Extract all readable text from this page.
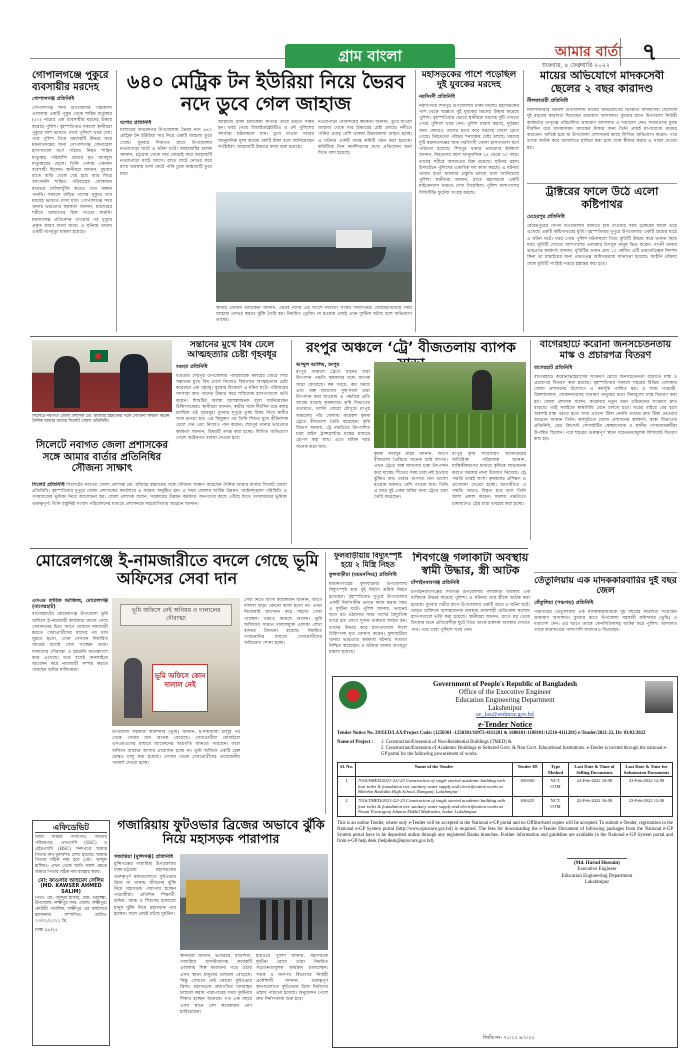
গ্রাম বাংলা	আমার বার্তা
শুক্রবার, ৪ ফেব্রুয়ারি ২০২২	৭
গোপালগঞ্জে পুকুরে ব্যবসায়ীর মরদেহ
গোপালগঞ্জ প্রতিনিধি
গোপালগঞ্জ সদর উপজেলার পাইকান্দি এলাকায় একটি পুকুর থেকে শাহিন মাতুব্বর (৫০) নামের এক ব্যবসায়ীর মরদেহ উদ্ধার করেছে পুলিশ। বৃহস্পতিবার সকালে স্থানীয়রা পুকুরে লাশ ভাসতে দেখে পুলিশে খবর দেয়। পরে পুলিশ গিয়ে মরদেহটি উদ্ধার করে ময়নাতদন্তের জন্য গোপালগঞ্জ জেনারেল হাসপাতাল মর্গে পাঠায়। নিহত শাহিন মাতুব্বর পাইকান্দি গ্রামের মৃত আবদুল মাতুব্বরের ছেলে। তিনি পেশায় একজন ব্যবসায়ী ছিলেন। স্থানীয়রা জানান, বুধবার রাতে বাড়ি থেকে বের হয়ে আর ফিরে আসেননি শাহিন। পরিবারের লোকজন রাতভর খোঁজাখুঁজি করেও তার সন্ধান পাননি। সকালে বাড়ির পাশের পুকুরে তার মরদেহ ভাসতে দেখা যায়। গোপালগঞ্জ সদর থানার ভারপ্রাপ্ত কর্মকর্তা জানান, মরদেহের শরীরে আঘাতের চিহ্ন পাওয়া যায়নি। ময়নাতদন্ত প্রতিবেদন পাওয়ার পর মৃত্যুর প্রকৃত কারণ জানা যাবে। এ ঘটনায় থানায় একটি অপমৃত্যু মামলা হয়েছে।
৬৪০ মেট্রিক টন ইউরিয়া নিয়ে ভৈরব নদে ডুবে গেল জাহাজ
যশোর প্রতিনিধি
যশোরের অভয়নগর উপজেলায় ভৈরব নদে ৬৪০ মেট্রিক টন ইউরিয়া সার নিয়ে একটি জাহাজ ডুবে গেছে। বুধবার দিবাগত রাতে উপজেলার নওয়াপাড়া ঘাটে এ ঘটনা ঘটে। জাহাজটির চালক জানান, চট্টগ্রাম থেকে সার বোঝাই করে জাহাজটি নওয়াপাড়া ঘাটে আসে। রাতে ঘাটে নোঙর করে রাখা অবস্থায় তলা ফেটে পানি ঢুকে জাহাজটি ডুবে যায়।
জাহাজে থাকা শ্রমিকেরা সাঁতরে তীরে উঠতে সক্ষম হন। খবর পেয়ে বিআইডব্লিউটিএ ও নৌ পুলিশের সদস্যরা ঘটনাস্থলে যান। ডুবে যাওয়া সারের আনুমানিক মূল্য কয়েক কোটি টাকা বলে জানিয়েছেন সংশ্লিষ্টরা। জাহাজটি উদ্ধারে কাজ শুরু হয়েছে।
নওয়াপাড়া নৌবন্দরের কর্মকর্তা জানান, ডুবে যাওয়া জাহাজ থেকে সার উদ্ধারের চেষ্টা চলছে। নদীতে পানির প্রবাহ বেশি থাকায় উদ্ধারকাজ ব্যাহত হচ্ছে। এ ঘটনায় একটি তদন্ত কমিটি গঠন করা হয়েছে। কমিটিকে তিন কার্যদিবসের মধ্যে প্রতিবেদন জমা দিতে বলা হয়েছে।
স্থানীয় নৌযান শ্রমিকেরা জানান, ভৈরব নদের এই অংশে নাব্যতা সংকট দীর্ঘদিনের। জোয়ার-ভাটার সময় জাহাজ নোঙর করতে ঝুঁকি তৈরি হয়। নিয়মিত ড্রেজিং না হওয়ায় প্রায়ই এমন দুর্ঘটনা ঘটছে বলে অভিযোগ তাদের।
মহাসড়কের পাশে পড়েছিল দুই যুবকের মরদেহ
নরসিংদী প্রতিনিধি
নরসিংদীর শিবপুর উপজেলায় ঢাকা-সিলেট মহাসড়কের পাশ থেকে অজ্ঞাত দুই যুবকের মরদেহ উদ্ধার করেছে পুলিশ। বৃহস্পতিবার ভোরে স্থানীয়রা মরদেহ দুটি দেখতে পেয়ে পুলিশে খবর দেন। পুলিশ ধারণা করছে, দুর্বৃত্তরা অন্য কোথাও তাদের হত্যা করে মরদেহ ফেলে রেখে গেছে। নিহতদের পরিচয় শনাক্তের চেষ্টা চলছে। মরদেহ দুটি ময়নাতদন্তের জন্য নরসিংদী জেলা হাসপাতাল মর্গে পাঠানো হয়েছে। শিবপুর থানার ভারপ্রাপ্ত কর্মকর্তা জানান, নিহতদের বয়স আনুমানিক ২৫ থেকে ৩০ বছর। তাদের শরীরে আঘাতের চিহ্ন রয়েছে। ঘটনার রহস্য উদঘাটনে পুলিশের একাধিক দল কাজ করছে। এ ঘটনায় থানায় হত্যা মামলার প্রস্তুতি চলছে বলে জানিয়েছে পুলিশ। স্থানীয়রা জানান, রাতে মহাসড়কে একটি মাইক্রোবাস থামতে দেখা গিয়েছিল। পুলিশ আশপাশের সিসিটিভি ফুটেজ সংগ্রহ করছে।
মায়ের অভিযোগে মাদকসেবী ছেলের ২ বছর কারাদণ্ড
নীলফামারী প্রতিনিধি
নীলফামারীর ডিমলা উপজেলায় মায়ের অভিযোগের ভিত্তিতে মাদকসেবী ছেলেকে দুই বছরের কারাদণ্ড দিয়েছেন ভ্রাম্যমাণ আদালত। বুধবার রাতে উপজেলা নির্বাহী কর্মকর্তার নেতৃত্বে পরিচালিত ভ্রাম্যমাণ আদালত এ দণ্ডাদেশ দেন। সাজাপ্রাপ্ত যুবক দীর্ঘদিন ধরে মাদকাসক্ত। মাদকের টাকার জন্য তিনি প্রায়ই মা-বাবাকে মারধর করতেন। অতিষ্ঠ হয়ে মা উপজেলা প্রশাসনের কাছে লিখিত অভিযোগ করেন। পরে তাকে আটক করে আদালতে হাজির করা হলে দোষ স্বীকার করায় এ সাজা দেওয়া হয়।
ট্রাক্টরের ফালে উঠে এলো কষ্টিপাথর
মেহেরপুর প্রতিনিধি
মেহেরপুরের গাংনী উপজেলায় জমিতে চাষ দেওয়ার সময় ট্রাক্টরের ফালে উঠে এসেছে একটি কষ্টিপাথরের মূর্তি। বৃহস্পতিবার দুপুরে উপজেলার একটি গ্রামের মাঠে এ ঘটনা ঘটে। খবর পেয়ে পুলিশ ঘটনাস্থলে গিয়ে মূর্তিটি উদ্ধার করে থানায় নিয়ে যায়। মূর্তিটি দেখতে আশপাশের এলাকার উৎসুক মানুষ ভিড় করেন। গাংনী থানার ভারপ্রাপ্ত কর্মকর্তা জানান, মূর্তিটির ওজন প্রায় ১০ কেজি। এটি প্রত্নতাত্ত্বিক নিদর্শন কিনা তা যাচাইয়ের জন্য প্রত্নতত্ত্ব অধিদপ্তরকে জানানো হয়েছে। আইনি প্রক্রিয়া শেষে মূর্তিটি সংশ্লিষ্ট দপ্তরে হস্তান্তর করা হবে।
সিলেটে নবাগত জেলা প্রশাসক মো. মজিবর রহমানের সঙ্গে সৌজন্য সাক্ষাৎ করেন দৈনিক আমার বার্তার সিলেট জেলা প্রতিনিধি।
সিলেটে নবাগত জেলা প্রশাসকের সঙ্গে আমার বার্তার প্রতিনিধির সৌজন্য সাক্ষাৎ
সিলেট প্রতিনিধি সিলেটের নবাগত জেলা প্রশাসক মো. মজিবর রহমানের সঙ্গে সৌজন্য সাক্ষাৎ করেছেন দৈনিক আমার বার্তার সিলেট জেলা প্রতিনিধি। বৃহস্পতিবার দুপুরে জেলা প্রশাসকের কার্যালয়ে এ সাক্ষাৎ অনুষ্ঠিত হয়। এ সময় জেলার সার্বিক উন্নয়ন, আইনশৃঙ্খলা পরিস্থিতি ও গণমাধ্যমের ভূমিকা নিয়ে আলোচনা হয়। জেলা প্রশাসক বলেন, সরকারের উন্নয়ন কর্মকাণ্ড জনগণের কাছে পৌঁছে দিতে গণমাধ্যমের ভূমিকা গুরুত্বপূর্ণ। তিনি বস্তুনিষ্ঠ সংবাদ পরিবেশনের মাধ্যমে প্রশাসনকে সহযোগিতার আহ্বান জানান।
সন্তানের মুখে বিষ ঢেলে আত্মহত্যার চেষ্টা গৃহবধূর
বগুড়া প্রতিনিধি
বগুড়ার শেরপুর উপজেলায় পারিবারিক কলহের জেরে শিশু সন্তানের মুখে বিষ ঢেলে নিজেও বিষপানে আত্মহত্যার চেষ্টা করেছেন এক গৃহবধূ। বুধবার বিকেলে এ ঘটনা ঘটে। পরিবারের সদস্যরা দ্রুত তাদের উদ্ধার করে শজিমেক হাসপাতালে ভর্তি করেন। শিশুটির অবস্থা আশঙ্কাজনক বলে জানিয়েছেন চিকিৎসকেরা। স্থানীয়রা জানান, স্বামীর সঙ্গে দীর্ঘদিন ধরে কলহ চলছিল ওই গৃহবধূর। বুধবার দুপুরে তুচ্ছ বিষয় নিয়ে স্বামীর সঙ্গে ঝগড়া হয়। এর কিছুক্ষণ পর তিনি শিশুর মুখে কীটনাশক ঢেলে দেন এবং নিজেও পান করেন। শেরপুর থানার ভারপ্রাপ্ত কর্মকর্তা জানান, বিষয়টি তদন্ত করা হচ্ছে। লিখিত অভিযোগ পেলে আইনগত ব্যবস্থা নেওয়া হবে।
রংপুর অঞ্চলে ‘ট্রে’ বীজতলায় ব্যাপক
আব্দুল আলিম, রংপুর
রংপুর অঞ্চলে ট্রেতে ধানের চারা উৎপাদন পদ্ধতি কৃষকদের মধ্যে ব্যাপক সাড়া ফেলেছে। কম খরচে, কম সময়ে এবং অল্প জায়গায় সুস্থ-সবল চারা উৎপাদন করা যাওয়ায় এ পদ্ধতির প্রতি আগ্রহ বাড়ছে কৃষকদের। কৃষি বিভাগের তথ্যমতে, চলতি বোরো মৌসুমে রংপুর অঞ্চলের পাঁচ জেলায় কয়েকশ কৃষক ট্রেতে বীজতলা তৈরি করেছেন। কৃষি বিভাগ জানায়, ট্রে পদ্ধতিতে উৎপাদিত চারা রাইস ট্রান্সপ্লান্টার যন্ত্রের মাধ্যমে রোপণ করা যায়। এতে শ্রমিক খরচ অনেক কমে যায়।
কৃষক আবদুর রহিম জানান, আগে বীজতলা তৈরিতে অনেক জমি লাগত। এখন ট্রেতে অল্প জায়গায় চারা উৎপাদন করা যাচ্ছে। শীতের সময় চারা নষ্ট হওয়ার ঝুঁকিও কম। চারার গুণগত মান ভালো হওয়ায় ফলনও বেশি পাওয়া যায়। তিনি এ বছর দুই একর জমির জন্য ট্রেতে চারা তৈরি করেছেন।
রংপুর কৃষি সম্প্রসারণ অধিদপ্তরের অতিরিক্ত পরিচালক জানান, যান্ত্রিকীকরণের মাধ্যমে কৃষিকে লাভজনক করতে সরকার নানা উদ্যোগ নিয়েছে। ট্রে পদ্ধতি তারই অংশ। কৃষকদের প্রশিক্ষণ ও প্রণোদনা দেওয়া হচ্ছে। আগামীতে এ পদ্ধতি আরও বিস্তৃত হবে বলে তিনি আশা প্রকাশ করেন। সমলয় পদ্ধতিতে চাষাবাদেও ট্রের চারা ব্যবহার করা হচ্ছে।
বাগেরহাটে করোনা জনসচেতনতায় মাস্ক ও প্রচারপত্র বিতরণ
বাগেরহাট প্রতিনিধি
বাগেরহাটে করোনাভাইরাসের সংক্রমণ রোধে জনসচেতনতা বাড়াতে মাস্ক ও প্রচারপত্র বিতরণ করা হয়েছে। বৃহস্পতিবার সকালে শহরের বিভিন্ন এলাকায় জেলা প্রশাসনের উদ্যোগে এ কর্মসূচি পালিত হয়। এ সময় পথচারী, রিকশাচালক, দোকানদারসহ সাধারণ মানুষের মধ্যে বিনামূল্যে মাস্ক বিতরণ করা হয়। জেলা প্রশাসক বলেন, করোনার নতুন ধরন ওমিক্রনের সংক্রমণ দ্রুত বাড়ছে। তাই সবাইকে স্বাস্থ্যবিধি মেনে চলতে হবে। ঘরের বাইরে বের হলে অবশ্যই মাস্ক পরতে হবে। যারা এখনো টিকা নেননি তাদের দ্রুত টিকা নেওয়ার আহ্বান জানান তিনি। কর্মসূচিতে জেলা প্রশাসনের কর্মকর্তা, স্বাস্থ্য বিভাগের প্রতিনিধি, রেড ক্রিসেন্ট সোসাইটির স্বেচ্ছাসেবক ও স্থানীয় গণমাধ্যমকর্মীরা উপস্থিত ছিলেন। পরে শহরের গুরুত্বপূর্ণ স্থানে সচেতনতামূলক লিফলেট বিতরণ করা হয়।
তেঁতুলিয়ায় এক মাদককারবারির দুই বছর জেল
তেঁতুলিয়া (পঞ্চগড়) প্রতিনিধি
পঞ্চগড়ের তেঁতুলিয়ায় এক মাদককারবারিকে দুই বছরের কারাদণ্ড দিয়েছেন ভ্রাম্যমাণ আদালত। বুধবার রাতে উপজেলা সহকারী কমিশনার (ভূমি) এ দণ্ডাদেশ দেন। এর আগে তাকে ফেনসিডিলসহ আটক করে পুলিশ। আদালত তাকে কারাদণ্ডের পাশাপাশি অর্থদণ্ডও দিয়েছেন।
মোরেলগঞ্জে ই-নামজারীতে বদলে গেছে ভূমি অফিসের সেবা দান
এসএম তারিক আজিজ, মোরেলগঞ্জ (বাগেরহাট)
বাগেরহাটের মোরেলগঞ্জ উপজেলা ভূমি অফিসে ই-নামজারী কার্যক্রমে বদলে গেছে সেবাদানের চিত্র। আগে যেখানে নামজারী করতে সেবাপ্রার্থীদের মাসের পর মাস ঘুরতে হতো, এখন সেখানে নির্ধারিত সময়ের মধ্যেই সেবা পাচ্ছেন তারা। দালালের দৌরাত্ম্য ও হয়রানি অনেকাংশে কমে এসেছে। ঘরে বসেই অনলাইনে আবেদন করে নামজারী সম্পন্ন করতে পারছেন জমির মালিকেরা।
ভূমি অফিসে নেই অনিয়ম ও দালালের দৌরাত্ম্য
ভূমি অফিসে কোন দালাল নেই
উপজেলা সহকারী কমিশনার (ভূমি) জানান, ই-নামজারী চালুর পর থেকে সেবার মান অনেক বেড়েছে। সেবাপ্রার্থীরা মোবাইলে এসএমএসের মাধ্যমে আবেদনের অগ্রগতি জানতে পারছেন। ফলে অফিসে বারবার আসার প্রয়োজন হচ্ছে না। ভূমি অফিসে একটি হেল্প ডেস্কও চালু করা হয়েছে। সেখান থেকে সেবাপ্রার্থীদের প্রয়োজনীয় পরামর্শ দেওয়া হচ্ছে।
সেবা নিতে আসা কয়েকজন জানান, আগে দালাল ছাড়া কোনো কাজ হতো না। এখন নিজেরাই আবেদন করে সহজে সেবা পাচ্ছেন। খরচও কমেছে অনেক। ভূমি অফিসের সামনে দালালমুক্ত এলাকা লেখা ব্যানার টানানো হয়েছে। নিয়মিত গণশুনানির মাধ্যমে সেবাপ্রার্থীদের অভিযোগ শোনা হচ্ছে।
ফুলবাড়ীয়ায় বিদ্যুৎস্পৃষ্ট হয়ে ২ মিস্ত্রি নিহত
ফুলবাড়ীয়া (ময়মনসিংহ) প্রতিনিধি
ময়মনসিংহের ফুলবাড়ীয়া উপজেলায় বিদ্যুৎস্পৃষ্ট হয়ে দুই নির্মাণ শ্রমিক নিহত হয়েছেন। বৃহস্পতিবার দুপুরে উপজেলার একটি নির্মাণাধীন ভবনে কাজ করার সময় এ দুর্ঘটনা ঘটে। পুলিশ জানায়, ভবনের ছাদে রড ওঠানোর সময় পাশের বৈদ্যুতিক তারে রড লেগে দুজন গুরুতর আহত হন। তাদের উদ্ধার করে হাসপাতালে নিলে চিকিৎসক মৃত ঘোষণা করেন। ফুলবাড়ীয়া থানার ভারপ্রাপ্ত কর্মকর্তা ঘটনার সত্যতা নিশ্চিত করেছেন। এ ঘটনায় থানায় অপমৃত্যু মামলা হয়েছে।
শিবগঞ্জে গলাকাটা অবস্থায় স্বামী উদ্ধার, স্ত্রী আটক
চাঁপাইনবাবগঞ্জ প্রতিনিধি
চাঁপাইনবাবগঞ্জের শিবগঞ্জ উপজেলায় গলাকাটা অবস্থায় এক ব্যক্তিকে উদ্ধার করেছে পুলিশ। এ ঘটনায় তার স্ত্রীকে আটক করা হয়েছে। বুধবার গভীর রাতে উপজেলার একটি গ্রামে এ ঘটনা ঘটে। আহত ব্যক্তিকে আশঙ্কাজনক অবস্থায় রাজশাহী মেডিকেল কলেজ হাসপাতালে ভর্তি করা হয়েছে। স্থানীয়রা জানান, রাতে ঘর থেকে চিৎকার শুনে প্রতিবেশীরা ছুটে গিয়ে তাকে রক্তাক্ত অবস্থায় দেখতে পান। পরে তারা পুলিশে খবর দেন।
Government of People's Republic of Bangladesh
Office of the Executive Engineer
Education Engineering Department
Lakshmipur
ee_lax@eedmoe.gov.bd
e-Tender Notice
Tender Notice No. 29/EED/LAX/Project Code: (1250301 -1250301/10972-4111201 & 1600101-1100101/12516-4111201) e-Tender/2021-22, Dt: 03/02/2022
Name of Project :	1. Construction/Extension of Non-Residential Buildings (TMED) &
2. Construction/Extension of Academic Buildings to Selected Govt. & Non Govt. Educational Institutions. e-Tender is invited through the national e-GP portal for the following procurement of works.
Sl. No.	Name of the Tender	Tender ID	Type Method	Last Date & Time of Selling Documents	Last Date & Time for Submission Documents
1	7016/SMED/2021-22/-23 Construction of single storied academic building with four toilet & foundation in/c sanitary water supply and electrification works at Bibirhat Rashidia High School, Ramganj, Lakshmipur.	656350	NCT, OTM	22-Feb-2022 16:00	23-Feb-2022 12:00
2	7016/TMED/2021-22/-23 Construction of single storied academic building with four toilet & foundation in/c sanitary water supply and electrification works at Notun Tewarigonj Islamia Dakhil Madrasha, Sadar, Lakshmipur.	636225	NCT, OTM	22-Feb-2022 16:00	23-Feb-2022 12:00
This is an online Tender, where only e-Tender will be accepted in the National e-GP portal and no Offline/hard copies will be accepted. To submit e-Tender, registration in the National e-GP System portal (http://www.eprocure.gov.bd) is required. The fees for downloading the e-Tender Document of following packages from the National e-GP System portal have to be deposited online through any registered Banks branches. Further information and guideline are available in the National e-GP System portal and from e-GP help desk (helpdesk@eprocure.gov.bd).
(Md. Harud Hossain)
Executive Engineer
Education Engineering Department
Lakshmipur
জিডি নং- ৭১/২২ ৪/২/২২
এফিডেভিট
আমি আমার পাসপোর্ট, জাতীয় পরিচয়পত্র, এসএসসি (SSC) ও এইচএসসি (HSC) সনদপত্রে আমার পিতার নাম ভুলবশত লেখা হয়েছে। আমার পিতার সঠিক নাম হবে (মো: আব্দুল হালিম)। এখন থেকে আমি সকল ক্ষেত্রে আমার পিতার সঠিক নাম ব্যবহার করব।
মো: কাওসার আহমেদ সেলিম
(MD. KAWSER AHMED SALIM)
পিতা: মো: আব্দুল হালিম, গ্রাম: চরলক্ষ্মী, উপজেলা: লক্ষ্মীপুর সদর, জেলা: লক্ষ্মীপুর। নোটারী পাবলিক, লক্ষ্মীপুর এর কার্যালয়ে হলফনামা সম্পাদিত। তারিখ: ০৩/০২/২০২২ খ্রি.
ঢাকা ৯৮/২২
গজারিয়ায় ফুটওভার ব্রিজের অভাবে ঝুঁকি নিয়ে মহাসড়ক পারাপার
গজারিয়া (মুন্সিগঞ্জ) প্রতিনিধি
মুন্সিগঞ্জের গজারিয়া উপজেলায় ঢাকা-চট্টগ্রাম মহাসড়কের গুরুত্বপূর্ণ স্থানগুলোতে ফুটওভার ব্রিজ না থাকায় জীবনের ঝুঁকি নিয়ে মহাসড়ক পারাপার হচ্ছেন পথচারীরা। প্রতিদিন শিক্ষার্থী, শ্রমিক, বয়স্ক ও শিশুসহ হাজারো মানুষ ঝুঁকি নিয়ে মহাসড়ক পার হচ্ছেন। ফলে প্রায়ই ঘটছে দুর্ঘটনা।
স্থানীয়রা জানান, ভবেরচর, বাউশিয়া, গজারিয়া বাসস্ট্যান্ডসহ কয়েকটি এলাকায় শিল্প কারখানা গড়ে ওঠায় এসব স্থানে মানুষের চলাচল বেড়েছে। কিন্তু সেখানে নেই কোনো ফুটওভার ব্রিজ। মহাসড়কে দ্রুতগতির যানবাহন চলাচল করায় পারাপারের সময় দুর্ঘটনার শিকার হচ্ছেন অনেকে। গত এক বছরে এসব স্থানে বেশ কয়েকজন প্রাণ হারিয়েছেন।
হাইওয়ে পুলিশ জানায়, মহাসড়কে দুর্ঘটনা রোধে তারা নিয়মিত সচেতনতামূলক কার্যক্রম চালাচ্ছেন। সড়ক ও জনপথ বিভাগের নির্বাহী প্রকৌশলী জানান, গুরুত্বপূর্ণ স্থানগুলোতে ফুটওভার ব্রিজ নির্মাণের প্রস্তাব পাঠানো হয়েছে। অনুমোদন পেলে দ্রুত নির্মাণকাজ শুরু হবে।
